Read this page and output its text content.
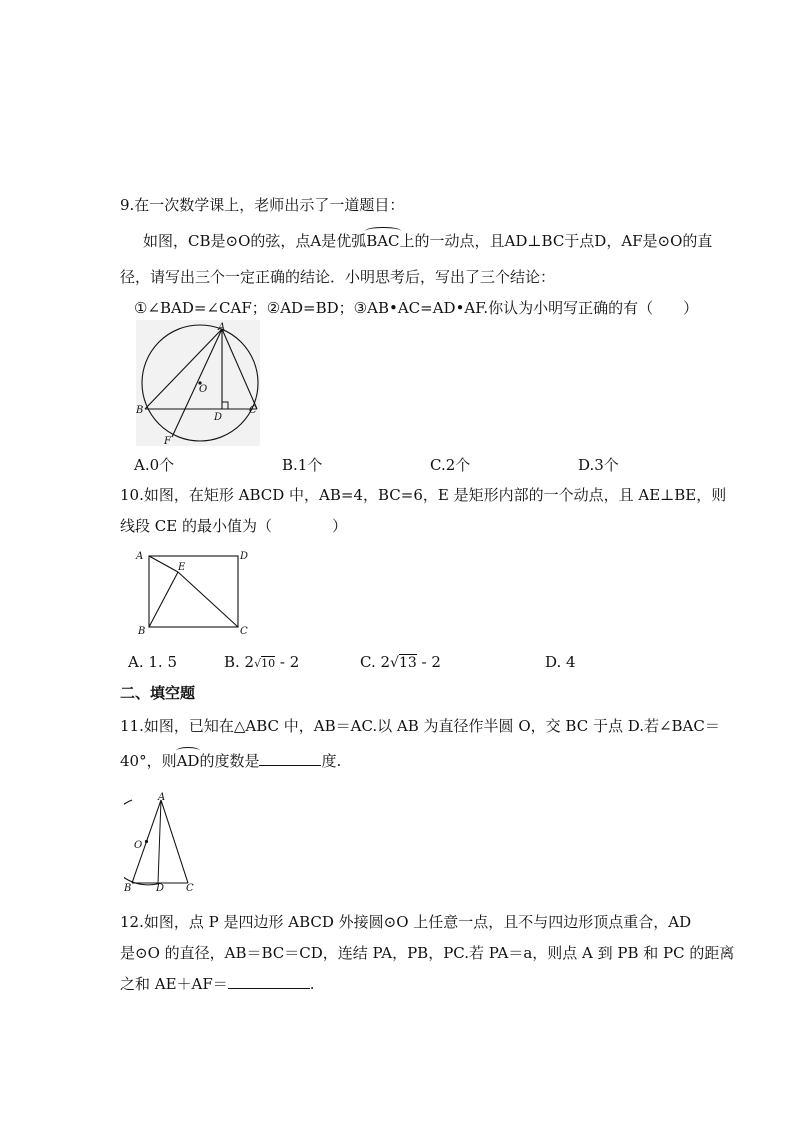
9.在一次数学课上，老师出示了一道题目：
如图，CB是⊙O的弦，点A是优弧BAC上的一动点，且AD⊥BC于点D，AF是⊙O的直
径，请写出三个一定正确的结论．小明思考后，写出了三个结论：
①∠BAD=∠CAF；②AD=BD；③AB•AC=AD•AF.你认为小明写正确的有（　　）
A
O
B
D
C
F
A.0个	B.1个	C.2个	D.3个
10.如图，在矩形 ABCD 中，AB=4，BC=6，E 是矩形内部的一个动点，且 AE⊥BE，则
线段 CE 的最小值为（　　　　）
A	D
E
B	C
A. 1. 5	B. 2√10 - 2	C. 2√13 - 2	D. 4
二、填空题
11.如图，已知在△ABC 中，AB＝AC.以 AB 为直径作半圆 O，交 BC 于点 D.若∠BAC＝
40°，则AD的度数是	度.
A
O
B D C
12.如图，点 P 是四边形 ABCD 外接圆⊙O 上任意一点，且不与四边形顶点重合，AD
是⊙O 的直径，AB＝BC＝CD，连结 PA，PB，PC.若 PA＝a，则点 A 到 PB 和 PC 的距离
之和 AE＋AF＝	.
